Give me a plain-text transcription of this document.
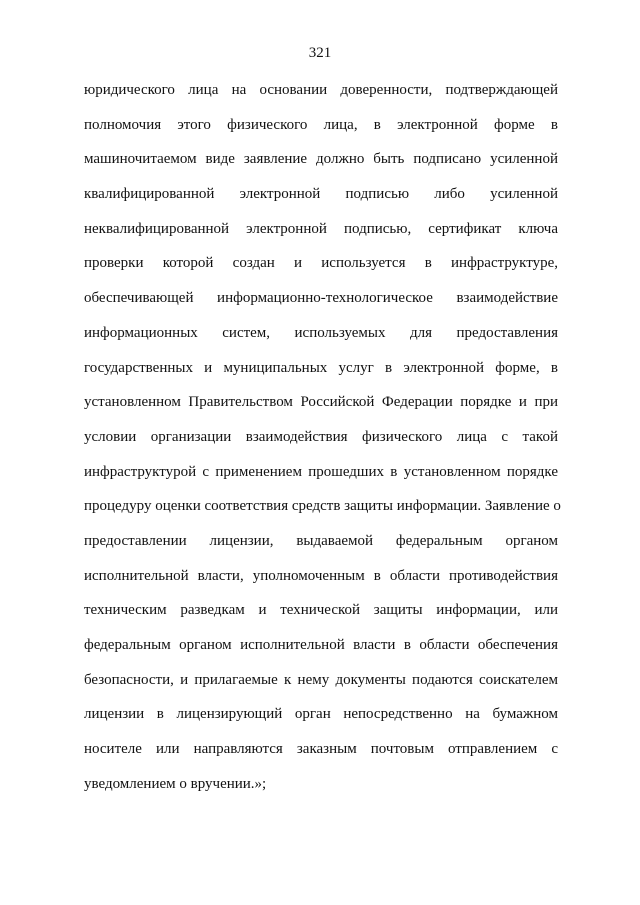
321
юридического лица на основании доверенности, подтверждающей
полномочия этого физического лица, в электронной форме в
машиночитаемом виде заявление должно быть подписано усиленной
квалифицированной электронной подписью либо усиленной
неквалифицированной электронной подписью, сертификат ключа
проверки которой создан и используется в инфраструктуре,
обеспечивающей информационно-технологическое взаимодействие
информационных систем, используемых для предоставления
государственных и муниципальных услуг в электронной форме, в
установленном Правительством Российской Федерации порядке и при
условии организации взаимодействия физического лица с такой
инфраструктурой с применением прошедших в установленном порядке
процедуру оценки соответствия средств защиты информации. Заявление о
предоставлении лицензии, выдаваемой федеральным органом
исполнительной власти, уполномоченным в области противодействия
техническим разведкам и технической защиты информации, или
федеральным органом исполнительной власти в области обеспечения
безопасности, и прилагаемые к нему документы подаются соискателем
лицензии в лицензирующий орган непосредственно на бумажном
носителе или направляются заказным почтовым отправлением с
уведомлением о вручении.»;
